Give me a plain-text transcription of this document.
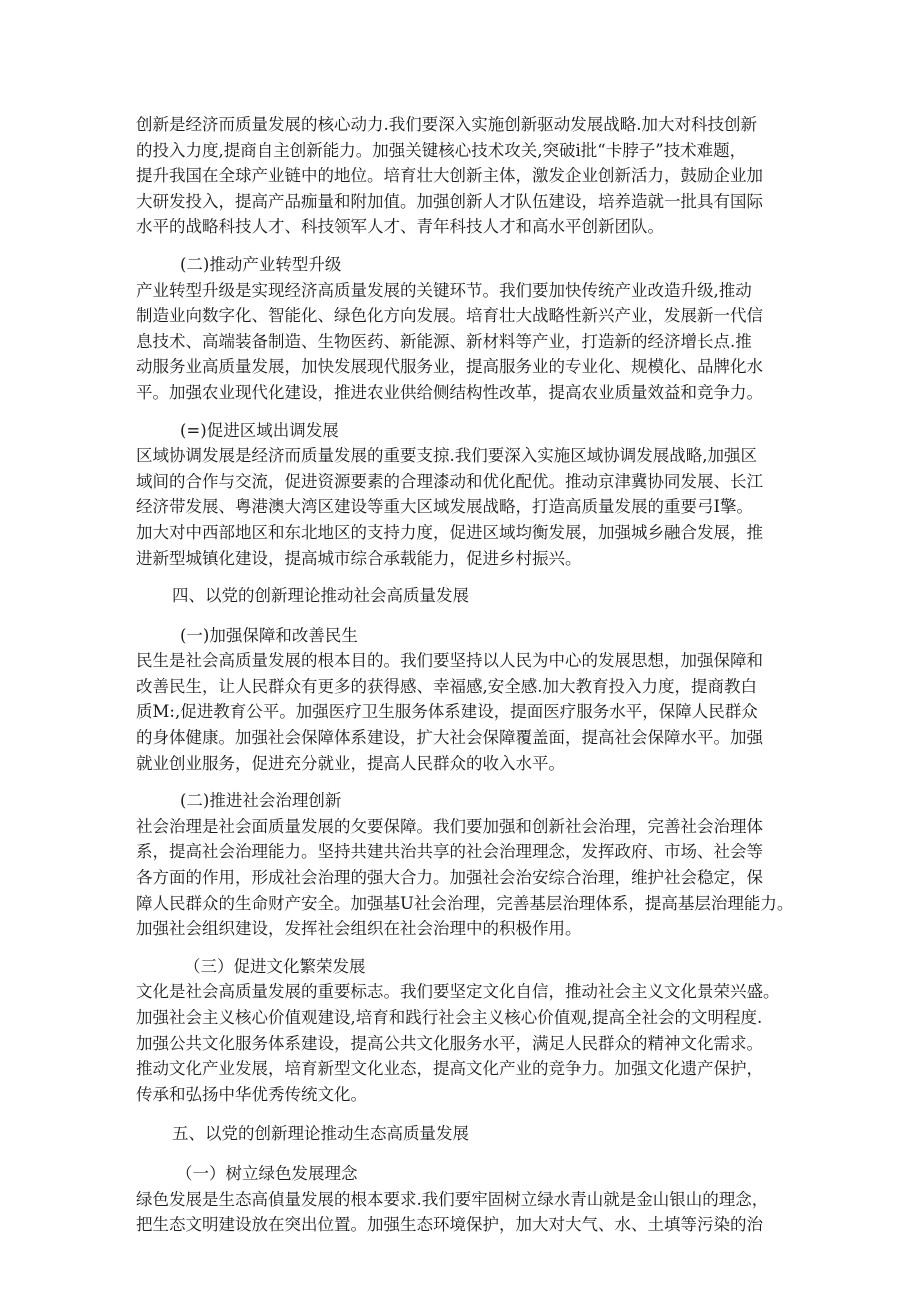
创新是经济而质量发展的核心动力.我们要深入实施创新驱动发展战略.加大对科技创新
的投入力度,提商自主创新能力。加强关键核心技术攻关,突破i批“卡脖子”技术难题，
提升我国在全球产业链中的地位。培育壮大创新主体，激发企业创新活力，鼓励企业加
大研发投入，提高产品痂量和附加值。加强创新人才队伍建设，培养造就一批具有国际
水平的战略科技人才、科技领军人才、青年科技人才和高水平创新团队。
(二)推动产业转型升级
产业转型升级是实现经济高质量发展的关键环节。我们要加快传统产业改造升级,推动
制造业向数字化、智能化、绿色化方向发展。培育壮大战略性新兴产业，发展新一代信
息技术、高端装备制造、生物医药、新能源、新材料等产业，打造新的经济增长点.推
动服务业高质量发展，加快发展现代服务业，提高服务业的专业化、规模化、品牌化水
平。加强农业现代化建设，推进农业供给侧结构性改革，提高农业质量效益和竞争力。
(=)促进区域出调发展
区域协调发展是经济而质量发展的重要支掠.我们要深入实施区域协调发展战略,加强区
域间的合作与交流，促进资源要素的合理漆动和优化配优。推动京津冀协同发展、长江
经济带发展、粤港澳大湾区建设等重大区域发展战略，打造高质量发展的重要弓I擎。
加大对中西部地区和东北地区的支持力度，促进区域均衡发展，加强城乡融合发展，推
进新型城镇化建设，提高城市综合承载能力，促进乡村振兴。
四、以党的创新理论推动社会高质量发展
(一)加强保障和改善民生
民生是社会高质量发展的根本目的。我们要坚持以人民为中心的发展思想，加强保障和
改善民生，让人民群众有更多的获得感、幸福感,安全感.加大教育投入力度，提商教白
质M:,促进教育公平。加强医疗卫生服务体系建设，提面医疗服务水平，保障人民群众
的身体健康。加强社会保障体系建设，扩大社会保障覆盖面，提高社会保障水平。加强
就业创业服务，促进充分就业，提高人民群众的收入水平。
(二)推进社会治理创新
社会治理是社会面质量发展的攵要保障。我们要加强和创新社会治理，完善社会治理体
系，提高社会治理能力。坚持共建共治共享的社会治理理念，发挥政府、市场、社会等
各方面的作用，形成社会治理的强大合力。加强社会治安综合治理，维护社会稳定，保
障人民群众的生命财产安全。加强基U社会治理，完善基层治理体系，提高基层治理能力。
加强社会组织建设，发挥社会组织在社会治理中的积极作用。
（三）促进文化繁荣发展
文化是社会高质量发展的重要标志。我们要坚定文化自信，推动社会主义文化景荣兴盛。
加强社会主义核心价值观建设,培育和践行社会主义核心价值观,提高全社会的文明程度.
加强公共文化服务体系建设，提高公共文化服务水平，满足人民群众的精神文化需求。
推动文化产业发展，培育新型文化业态，提高文化产业的竞争力。加强文化遗产保护，
传承和弘扬中华优秀传统文化。
五、以党的创新理论推动生态高质量发展
（一）树立绿色发展理念
绿色发展是生态高偵量发展的根本要求.我们要牢固树立绿水青山就是金山银山的理念，
把生态文明建设放在突出位置。加强生态环境保护，加大对大气、水、土填等污染的治
